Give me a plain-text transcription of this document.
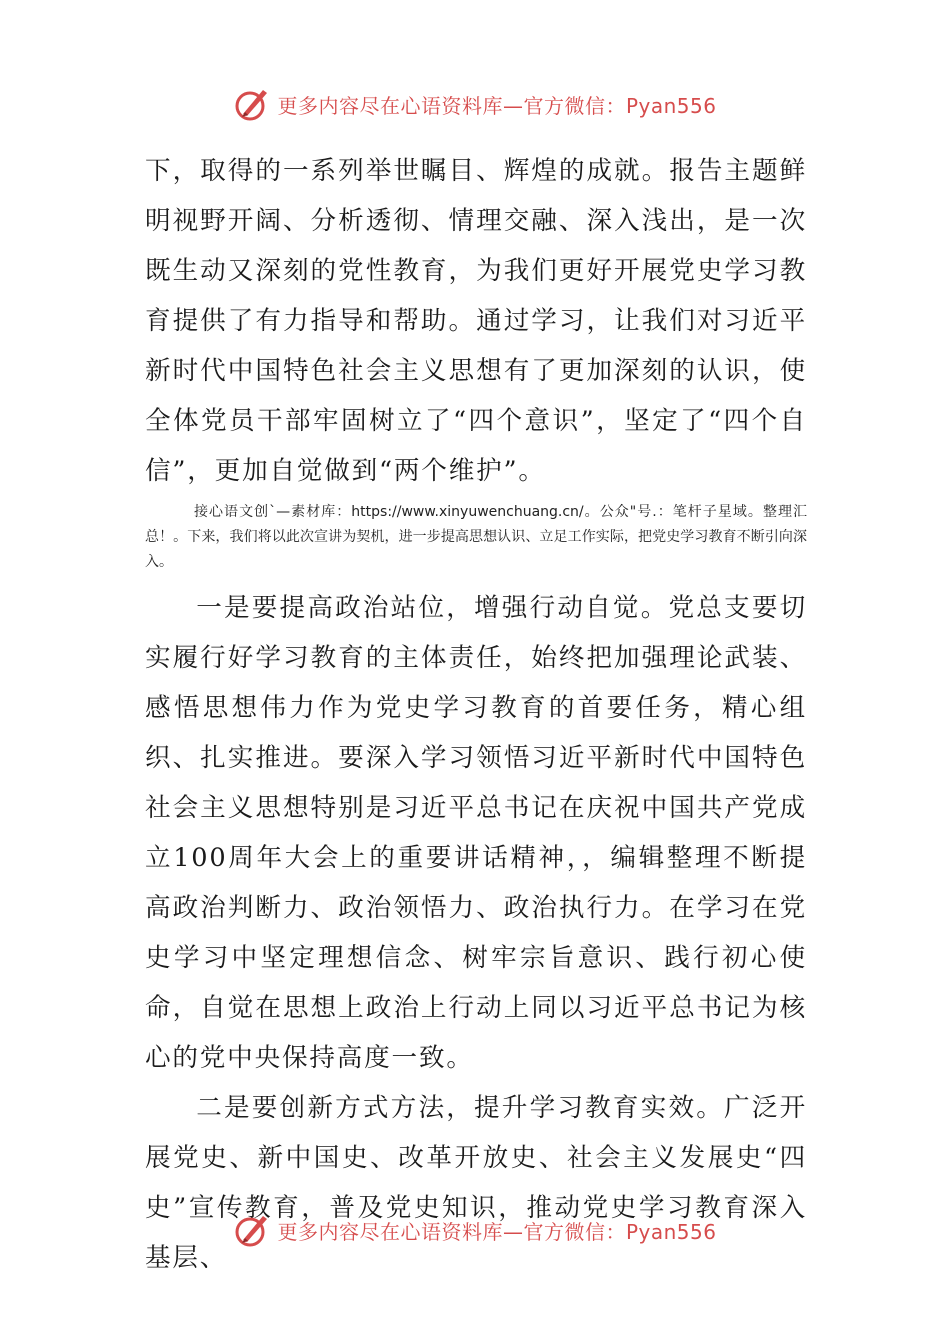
更多内容尽在心语资料库—官方微信：Pyan556

下，取得的一系列举世瞩目、辉煌的成就。报告主题鲜明视野开阔、分析透彻、情理交融、深入浅出，是一次既生动又深刻的党性教育，为我们更好开展党史学习教育提供了有力指导和帮助。通过学习，让我们对习近平新时代中国特色社会主义思想有了更加深刻的认识，使全体党员干部牢固树立了“四个意识”，坚定了“四个自信”，更加自觉做到“两个维护”。

接心语文创`—素材库：https://www.xinyuwenchuang.cn/。公众"号.：笔杆子星域。整理汇总！。下来，我们将以此次宣讲为契机，进一步提高思想认识、立足工作实际，把党史学习教育不断引向深入。

一是要提高政治站位，增强行动自觉。党总支要切实履行好学习教育的主体责任，始终把加强理论武装、感悟思想伟力作为党史学习教育的首要任务，精心组织、扎实推进。要深入学习领悟习近平新时代中国特色社会主义思想特别是习近平总书记在庆祝中国共产党成立100周年大会上的重要讲话精神，，编辑整理不断提高政治判断力、政治领悟力、政治执行力。在学习在党史学习中坚定理想信念、树牢宗旨意识、践行初心使命，自觉在思想上政治上行动上同以习近平总书记为核心的党中央保持高度一致。

二是要创新方式方法，提升学习教育实效。广泛开展党史、新中国史、改革开放史、社会主义发展史“四史”宣传教育，普及党史知识，推动党史学习教育深入基层、

更多内容尽在心语资料库—官方微信：Pyan556
